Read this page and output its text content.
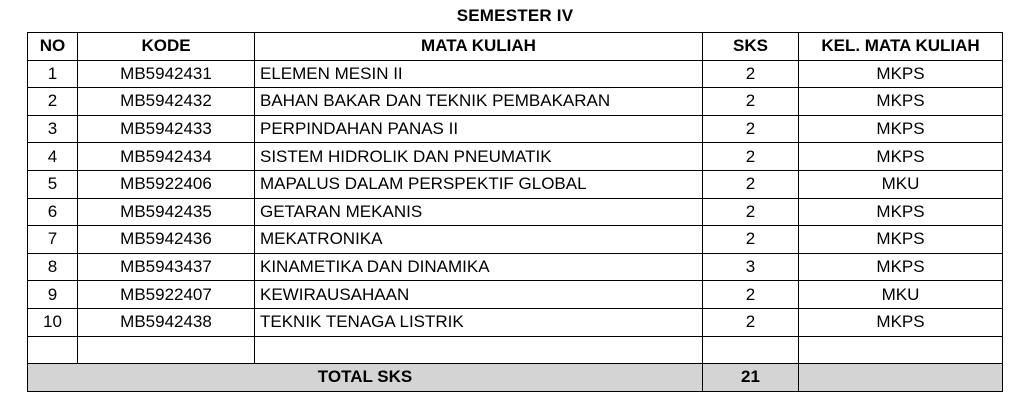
SEMESTER IV
NO	KODE	MATA KULIAH	SKS	KEL. MATA KULIAH
1	MB5942431	ELEMEN MESIN II	2	MKPS
2	MB5942432	BAHAN BAKAR DAN TEKNIK PEMBAKARAN	2	MKPS
3	MB5942433	PERPINDAHAN PANAS II	2	MKPS
4	MB5942434	SISTEM HIDROLIK DAN PNEUMATIK	2	MKPS
5	MB5922406	MAPALUS DALAM PERSPEKTIF GLOBAL	2	MKU
6	MB5942435	GETARAN MEKANIS	2	MKPS
7	MB5942436	MEKATRONIKA	2	MKPS
8	MB5943437	KINAMETIKA DAN DINAMIKA	3	MKPS
9	MB5922407	KEWIRAUSAHAAN	2	MKU
10	MB5942438	TEKNIK TENAGA LISTRIK	2	MKPS

TOTAL SKS			21	
